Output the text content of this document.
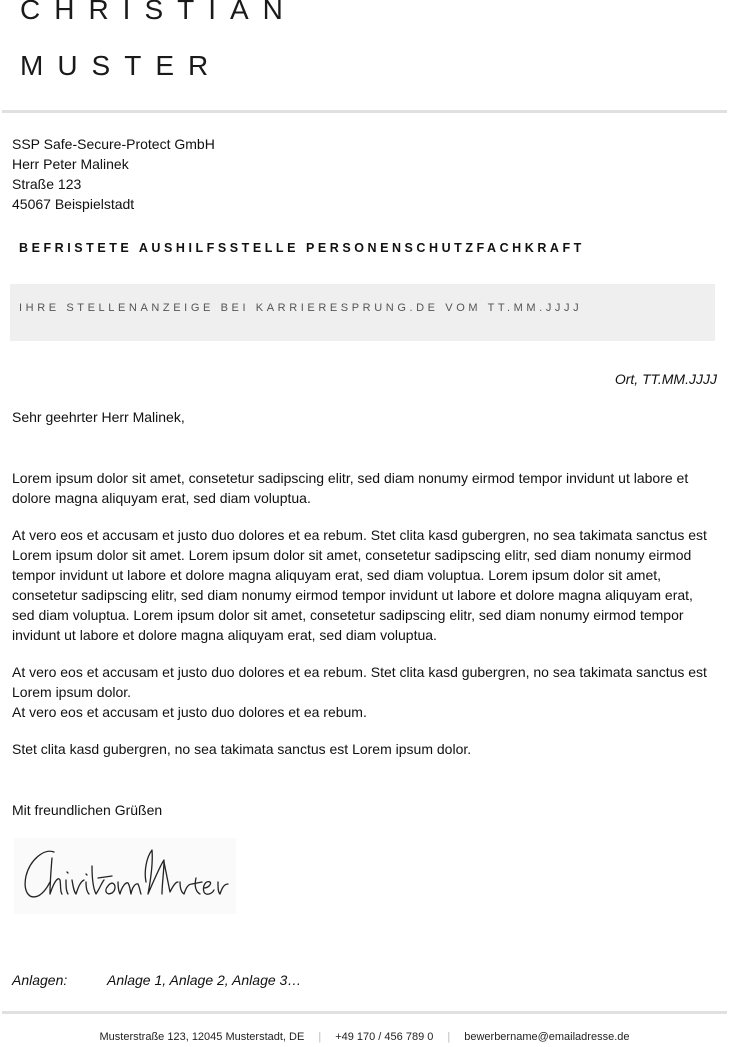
CHRISTIAN
MUSTER
SSP Safe-Secure-Protect GmbH
Herr Peter Malinek
Straße 123
45067 Beispielstadt
BEFRISTETE AUSHILFSSTELLE PERSONENSCHUTZFACHKRAFT
IHRE STELLENANZEIGE BEI KARRIERESPRUNG.DE VOM TT.MM.JJJJ
Ort, TT.MM.JJJJ
Sehr geehrter Herr Malinek,

Lorem ipsum dolor sit amet, consetetur sadipscing elitr, sed diam nonumy eirmod tempor invidunt ut labore et dolore magna aliquyam erat, sed diam voluptua.

At vero eos et accusam et justo duo dolores et ea rebum. Stet clita kasd gubergren, no sea takimata sanctus est Lorem ipsum dolor sit amet. Lorem ipsum dolor sit amet, consetetur sadipscing elitr, sed diam nonumy eirmod tempor invidunt ut labore et dolore magna aliquyam erat, sed diam voluptua. Lorem ipsum dolor sit amet, consetetur sadipscing elitr, sed diam nonumy eirmod tempor invidunt ut labore et dolore magna aliquyam erat, sed diam voluptua. Lorem ipsum dolor sit amet, consetetur sadipscing elitr, sed diam nonumy eirmod tempor invidunt ut labore et dolore magna aliquyam erat, sed diam voluptua.

At vero eos et accusam et justo duo dolores et ea rebum. Stet clita kasd gubergren, no sea takimata sanctus est Lorem ipsum dolor.
At vero eos et accusam et justo duo dolores et ea rebum.

Stet clita kasd gubergren, no sea takimata sanctus est Lorem ipsum dolor.

Mit freundlichen Grüßen
Anlagen:	Anlage 1, Anlage 2, Anlage 3…
Musterstraße 123, 12045 Musterstadt, DE | +49 170 / 456 789 0 | bewerbername@emailadresse.de
